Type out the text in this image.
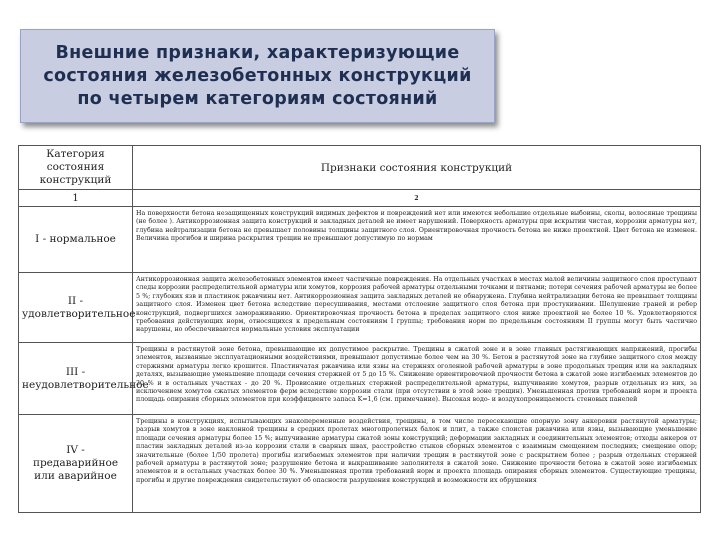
Внешние признаки, характеризующие состояния железобетонных конструкций по четырем категориям состояний
Категория состояния конструкций	Признаки состояния конструкций
1	2
I - нормальное	На поверхности бетона незащищенных конструкций видимых дефектов и повреждений нет или имеются небольшие отдельные выбоины, сколы, волосяные трещины (не более ). Антикоррозионная защита конструкций и закладных деталей не имеет нарушений. Поверхность арматуры при вскрытии чистая, коррозии арматуры нет, глубина нейтрализации бетона не превышает половины толщины защитного слоя. Ориентировочная прочность бетона не ниже проектной. Цвет бетона не изменен. Величина прогибов и ширина раскрытия трещин не превышают допустимую по нормам
II - удовлетворительное	Антикоррозионная защита железобетонных элементов имеет частичные повреждения. На отдельных участках в местах малой величины защитного слоя проступают следы коррозии распределительной арматуры или хомутов, коррозия рабочей арматуры отдельными точками и пятнами; потери сечения рабочей арматуры не более 5 %; глубоких язв и пластинок ржавчины нет. Антикоррозионная защита закладных деталей не обнаружена. Глубина нейтрализации бетона не превышает толщины защитного слоя. Изменен цвет бетона вследствие пересушивания, местами отслоение защитного слоя бетона при простукивании. Шелушение граней и ребер конструкций, подвергшихся замораживанию. Ориентировочная прочность бетона в пределах защитного слоя ниже проектной не более 10 %. Удовлетворяются требования действующих норм, относящихся к предельным состояниям I группы; требования норм по предельным состояниям II группы могут быть частично нарушены, но обеспечиваются нормальные условия эксплуатации
III - неудовлетворительное	Трещины в растянутой зоне бетона, превышающие их допустимое раскрытие. Трещины в сжатой зоне и в зоне главных растягивающих напряжений, прогибы элементов, вызванные эксплуатационными воздействиями, превышают допустимые более чем на 30 %. Бетон в растянутой зоне на глубине защитного слоя между стержнями арматуры легко крошится. Пластинчатая ржавчина или язвы на стержнях оголенной рабочей арматуры в зоне продольных трещин или на закладных деталях, вызывающие уменьшение площади сечения стержней от 5 до 15 %. Снижение ориентировочной прочности бетона в сжатой зоне изгибаемых элементов до 30 % и в остальных участках - до 20 %. Провисание отдельных стержней распределительной арматуры, выпучивание хомутов, разрыв отдельных из них, за исключением хомутов сжатых элементов ферм вследствие коррозии стали (при отсутствии в этой зоне трещин). Уменьшенная против требований норм и проекта площадь опирания сборных элементов при коэффициенте запаса K=1,6 (см. примечание). Высокая водо- и воздухопроницаемость стеновых панелей
IV - предаварийное или аварийное	Трещины в конструкциях, испытывающих знакопеременные воздействия, трещины, в том числе пересекающие опорную зону анкеровки растянутой арматуры; разрыв хомутов в зоне наклонной трещины в средних пролетах многопролетных балок и плит, а также слоистая ржавчина или язвы, вызывающие уменьшение площади сечения арматуры более 15 %; выпучивание арматуры сжатой зоны конструкций; деформации закладных и соединительных элементов; отходы анкеров от пластин закладных деталей из-за коррозии стали в сварных швах, расстройство стыков сборных элементов с взаимным смещением последних; смещение опор; значительные (более 1/50 пролета) прогибы изгибаемых элементов при наличии трещин в растянутой зоне с раскрытием более ; разрыв отдельных стержней рабочей арматуры в растянутой зоне; разрушение бетона и выкрашивание заполнителя в сжатой зоне. Снижение прочности бетона в сжатой зоне изгибаемых элементов и в остальных участках более 30 %. Уменьшенная против требований норм и проекта площадь опирания сборных элементов. Существующие трещины, прогибы и другие повреждения свидетельствуют об опасности разрушения конструкций и возможности их обрушения
